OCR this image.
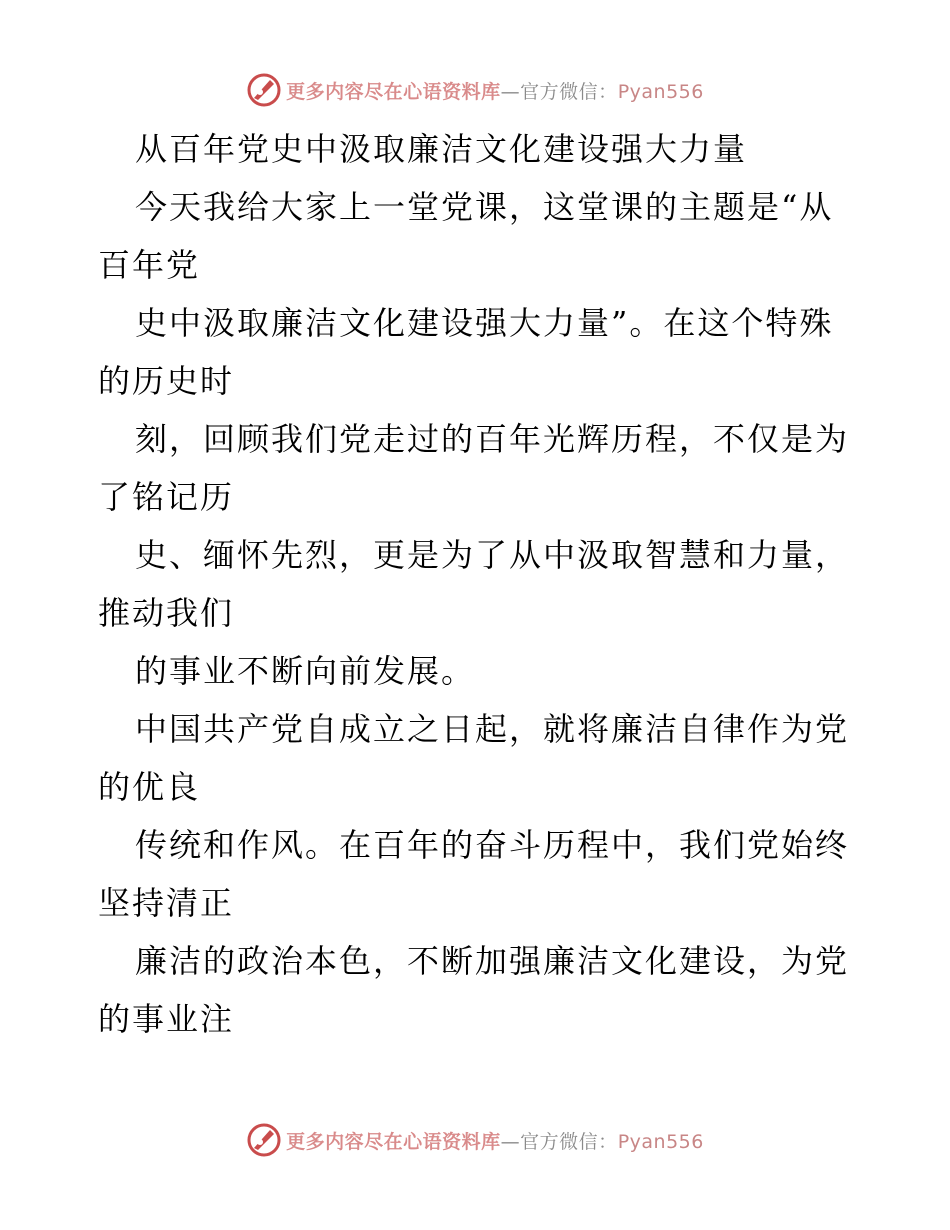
更多内容尽在心语资料库—官方微信：Pyan556
从百年党史中汲取廉洁文化建设强大力量
今天我给大家上一堂党课，这堂课的主题是“从
百年党
史中汲取廉洁文化建设强大力量”。在这个特殊
的历史时
刻，回顾我们党走过的百年光辉历程，不仅是为
了铭记历
史、缅怀先烈，更是为了从中汲取智慧和力量，
推动我们
的事业不断向前发展。
中国共产党自成立之日起，就将廉洁自律作为党
的优良
传统和作风。在百年的奋斗历程中，我们党始终
坚持清正
廉洁的政治本色，不断加强廉洁文化建设，为党
的事业注
更多内容尽在心语资料库—官方微信：Pyan556
